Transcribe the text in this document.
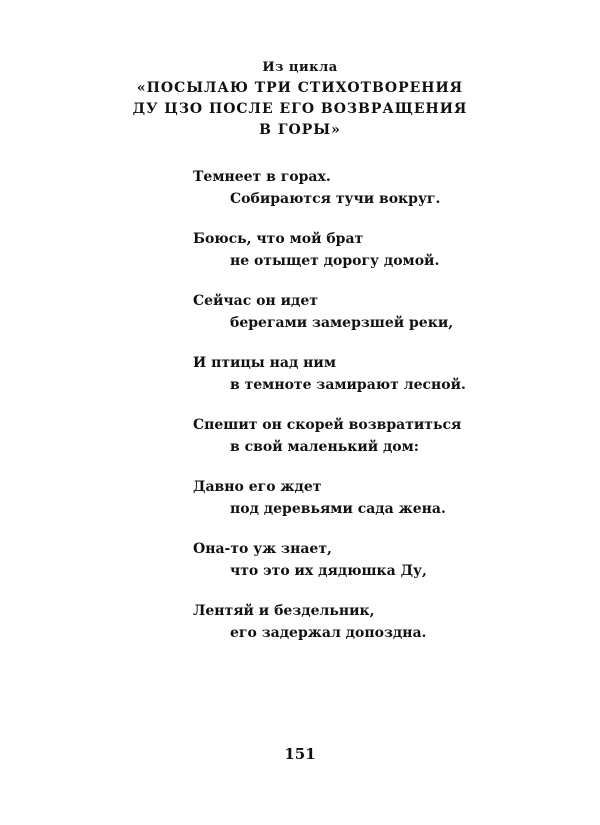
Из цикла
«ПОСЫЛАЮ ТРИ СТИХОТВОРЕНИЯ
ДУ ЦЗО ПОСЛЕ ЕГО ВОЗВРАЩЕНИЯ
В ГОРЫ»
Темнеет в горах.
Собираются тучи вокруг.
Боюсь, что мой брат
не отыщет дорогу домой.
Сейчас он идет
берегами замерзшей реки,
И птицы над ним
в темноте замирают лесной.
Спешит он скорей возвратиться
в свой маленький дом:
Давно его ждет
под деревьями сада жена.
Она-то уж знает,
что это их дядюшка Ду,
Лентяй и бездельник,
его задержал допоздна.
151
